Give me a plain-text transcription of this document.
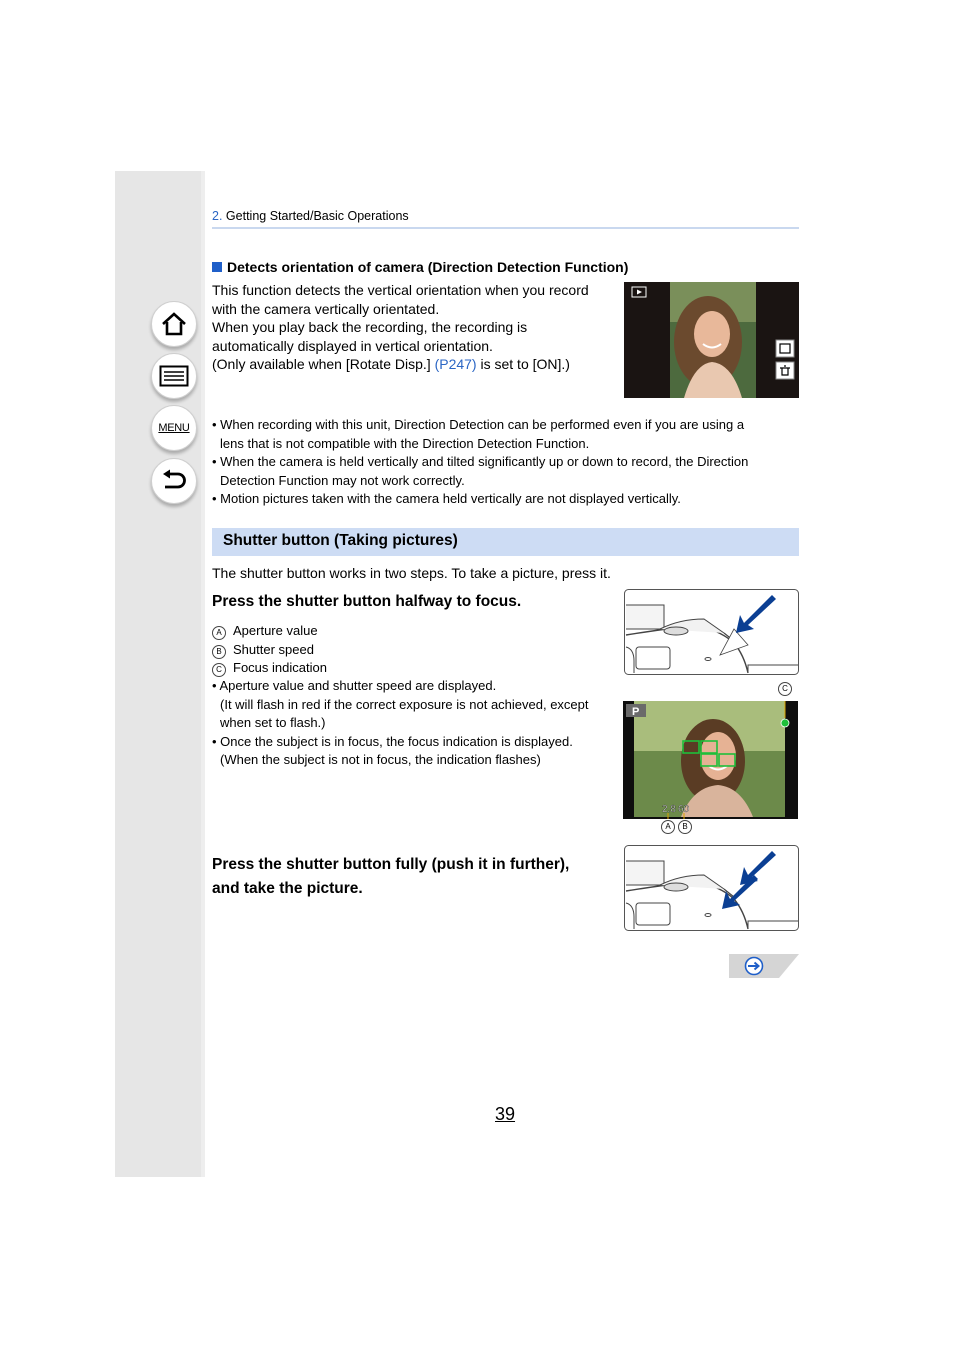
MENU
2. Getting Started/Basic Operations
Detects orientation of camera (Direction Detection Function)
This function detects the vertical orientation when you record
with the camera vertically orientated.
When you play back the recording, the recording is
automatically displayed in vertical orientation.
(Only available when [Rotate Disp.] (P247) is set to [ON].)
• When recording with this unit, Direction Detection can be performed even if you are using a
lens that is not compatible with the Direction Detection Function.
• When the camera is held vertically and tilted significantly up or down to record, the Direction
Detection Function may not work correctly.
• Motion pictures taken with the camera held vertically are not displayed vertically.
Shutter button (Taking pictures)
The shutter button works in two steps. To take a picture, press it.
Press the shutter button halfway to focus.
A Aperture value
B Shutter speed
C Focus indication
• Aperture value and shutter speed are displayed.
(It will flash in red if the correct exposure is not achieved, except
when set to flash.)
• Once the subject is in focus, the focus indication is displayed.
(When the subject is not in focus, the indication flashes)
C
P
2.8 60
A	B
Press the shutter button fully (push it in further),
and take the picture.
39
